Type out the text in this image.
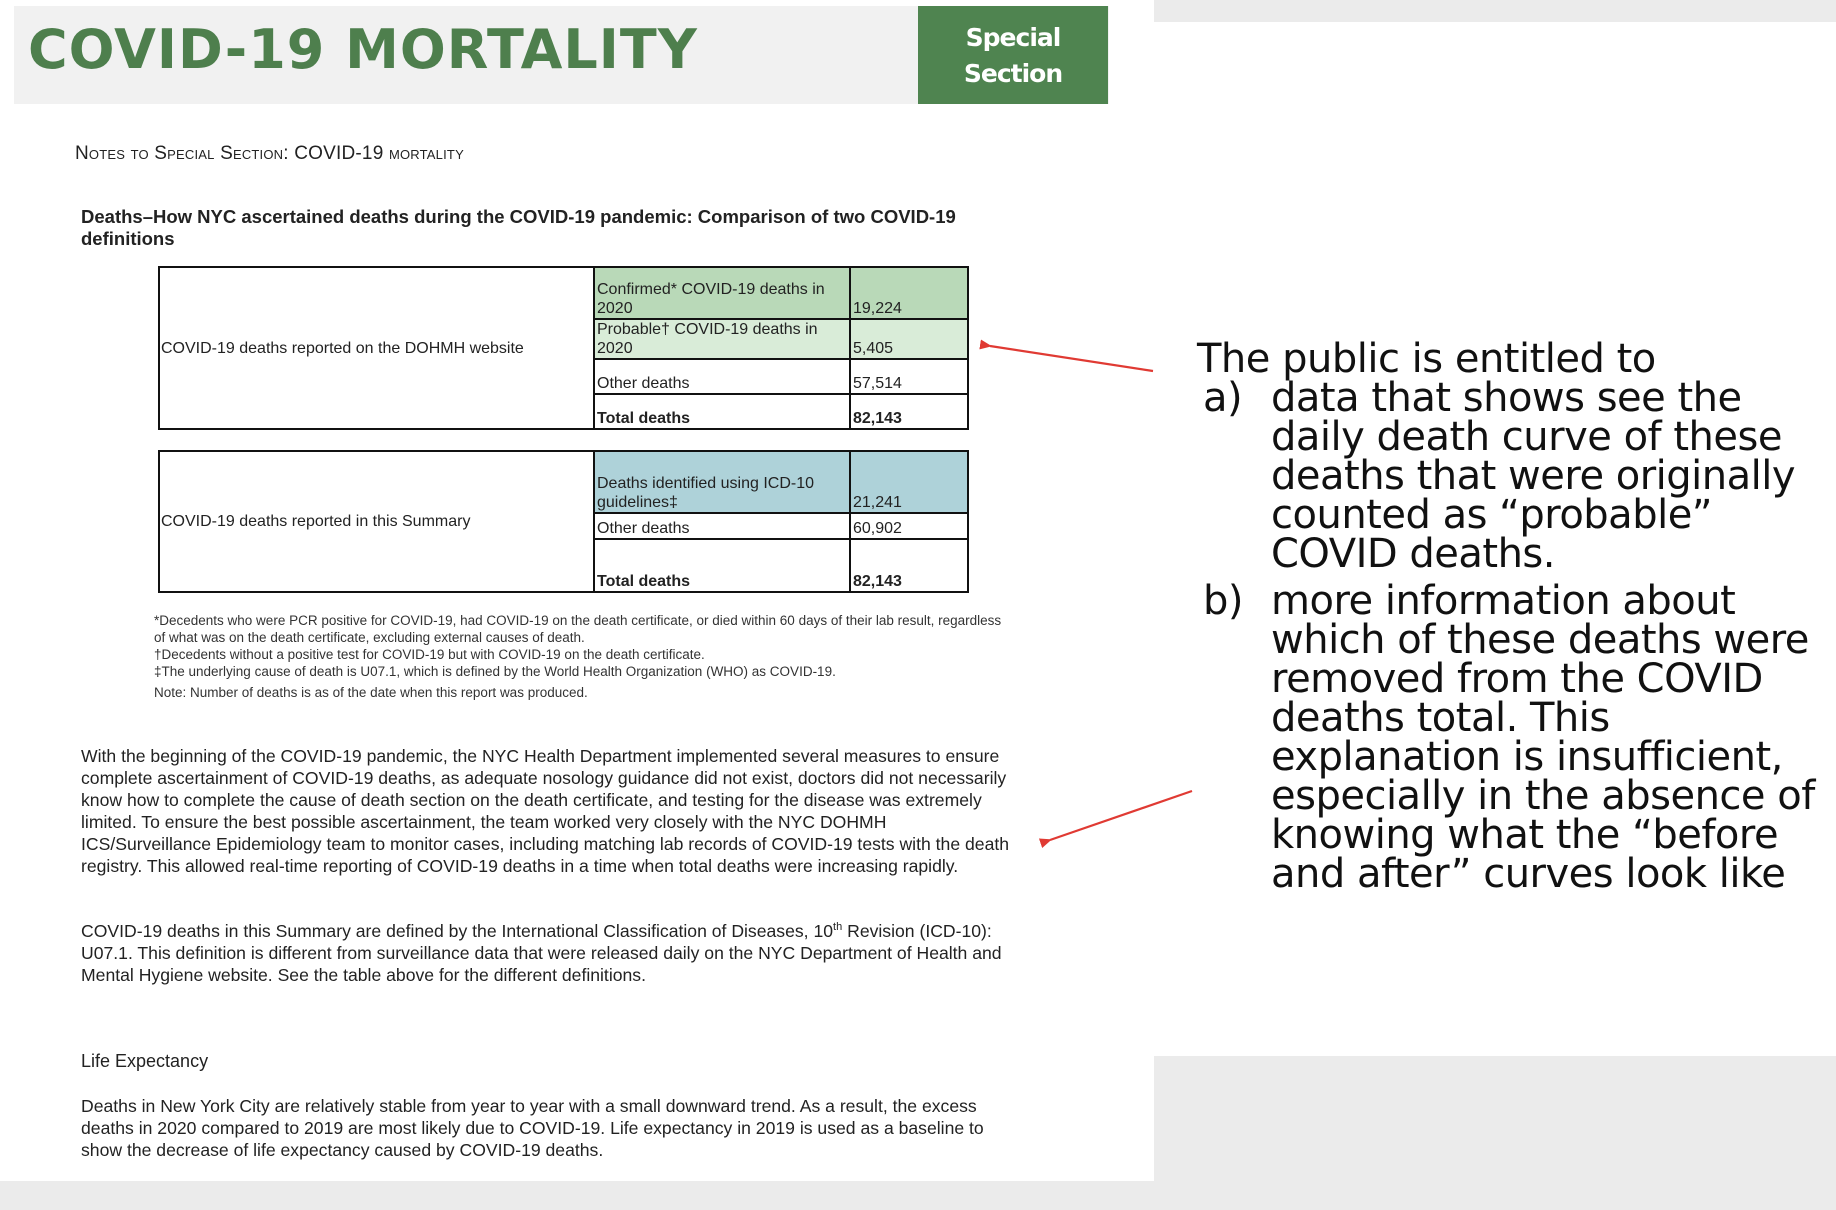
COVID-19 MORTALITY	Special
Section
Notes to Special Section: COVID-19 mortality
Deaths–How NYC ascertained deaths during the COVID-19 pandemic: Comparison of two COVID-19 definitions
COVID-19 deaths reported on the DOHMH website	Confirmed* COVID-19 deaths in 2020	19,224
	Probable† COVID-19 deaths in 2020	5,405
	Other deaths	57,514
	Total deaths	82,143
COVID-19 deaths reported in this Summary	Deaths identified using ICD-10 guidelines‡	21,241
	Other deaths	60,902
	Total deaths	82,143

*Decedents who were PCR positive for COVID-19, had COVID-19 on the death certificate, or died within 60 days of their lab result, regardless of what was on the death certificate, excluding external causes of death.

†Decedents without a positive test for COVID-19 but with COVID-19 on the death certificate.

‡The underlying cause of death is U07.1, which is defined by the World Health Organization (WHO) as COVID-19.

Note: Number of deaths is as of the date when this report was produced.

With the beginning of the COVID-19 pandemic, the NYC Health Department implemented several measures to ensure complete ascertainment of COVID-19 deaths, as adequate nosology guidance did not exist, doctors did not necessarily know how to complete the cause of death section on the death certificate, and testing for the disease was extremely limited. To ensure the best possible ascertainment, the team worked very closely with the NYC DOHMH ICS/Surveillance Epidemiology team to monitor cases, including matching lab records of COVID-19 tests with the death registry. This allowed real-time reporting of COVID-19 deaths in a time when total deaths were increasing rapidly.

COVID-19 deaths in this Summary are defined by the International Classification of Diseases, 10th Revision (ICD-10): U07.1. This definition is different from surveillance data that were released daily on the NYC Department of Health and Mental Hygiene website. See the table above for the different definitions.

Life Expectancy

Deaths in New York City are relatively stable from year to year with a small downward trend. As a result, the excess deaths in 2020 compared to 2019 are most likely due to COVID-19. Life expectancy in 2019 is used as a baseline to show the decrease of life expectancy caused by COVID-19 deaths.

The public is entitled to
a) data that shows see the daily death curve of these deaths that were originally counted as “probable” COVID deaths.
b) more information about which of these deaths were removed from the COVID deaths total. This explanation is insufficient, especially in the absence of knowing what the “before and after” curves look like
